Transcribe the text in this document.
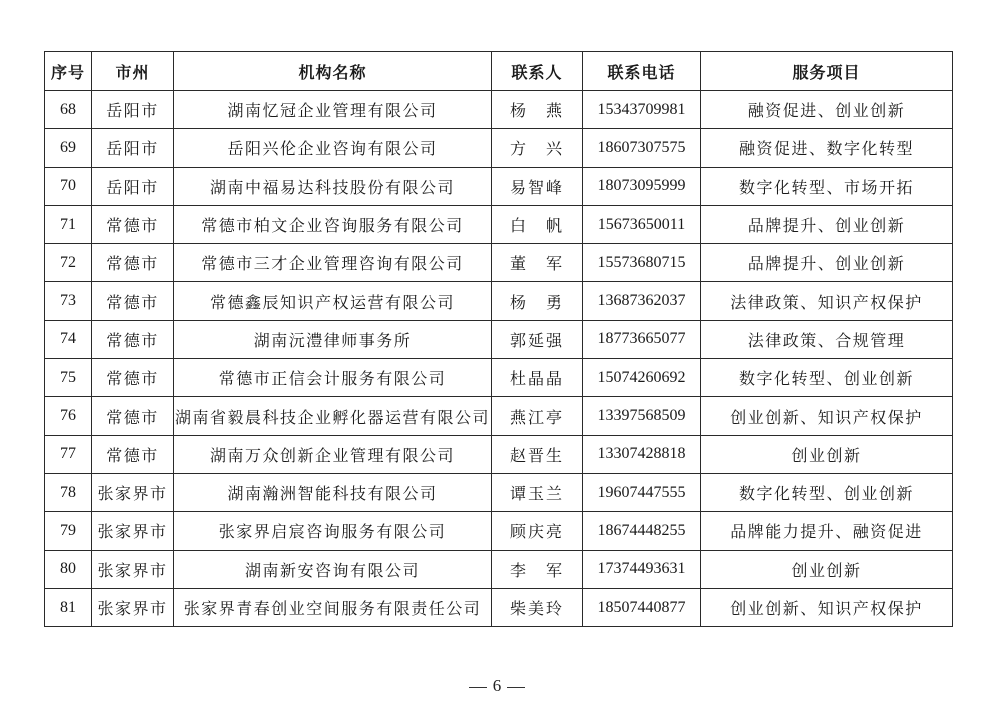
序号	市州	机构名称	联系人	联系电话	服务项目
68	岳阳市	湖南忆冠企业管理有限公司	杨　燕	15343709981	融资促进、创业创新
69	岳阳市	岳阳兴伦企业咨询有限公司	方　兴	18607307575	融资促进、数字化转型
70	岳阳市	湖南中福易达科技股份有限公司	易智峰	18073095999	数字化转型、市场开拓
71	常德市	常德市柏文企业咨询服务有限公司	白　帆	15673650011	品牌提升、创业创新
72	常德市	常德市三才企业管理咨询有限公司	董　军	15573680715	品牌提升、创业创新
73	常德市	常德鑫辰知识产权运营有限公司	杨　勇	13687362037	法律政策、知识产权保护
74	常德市	湖南沅澧律师事务所	郭延强	18773665077	法律政策、合规管理
75	常德市	常德市正信会计服务有限公司	杜晶晶	15074260692	数字化转型、创业创新
76	常德市	湖南省毅晨科技企业孵化器运营有限公司	燕江亭	13397568509	创业创新、知识产权保护
77	常德市	湖南万众创新企业管理有限公司	赵晋生	13307428818	创业创新
78	张家界市	湖南瀚洲智能科技有限公司	谭玉兰	19607447555	数字化转型、创业创新
79	张家界市	张家界启宸咨询服务有限公司	顾庆亮	18674448255	品牌能力提升、融资促进
80	张家界市	湖南新安咨询有限公司	李　军	17374493631	创业创新
81	张家界市	张家界青春创业空间服务有限责任公司	柴美玲	18507440877	创业创新、知识产权保护
6
